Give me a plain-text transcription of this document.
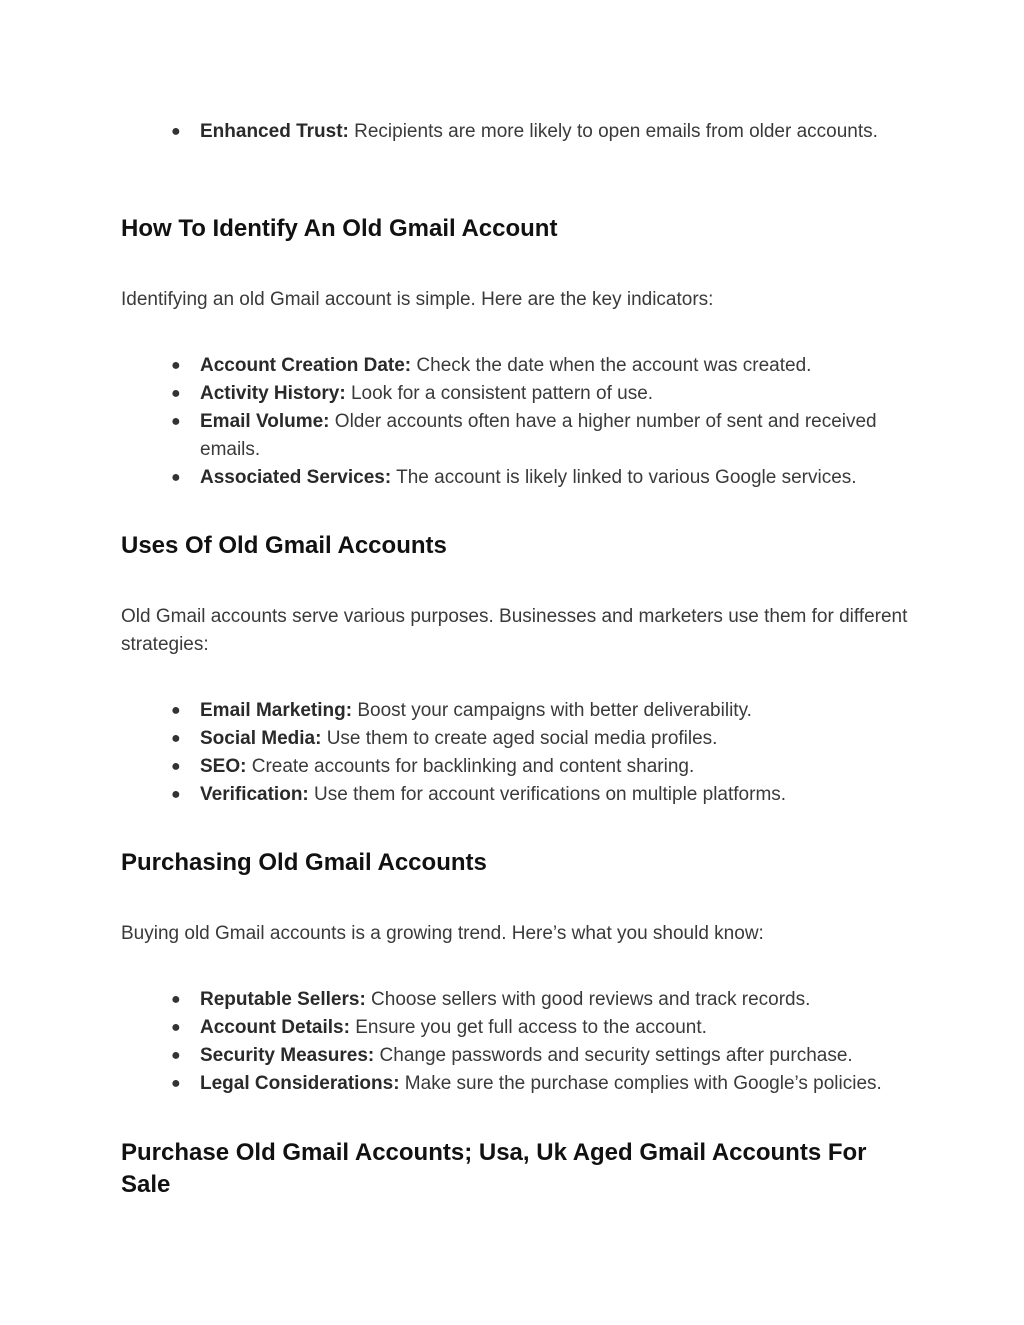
● Enhanced Trust: Recipients are more likely to open emails from older accounts.
How To Identify An Old Gmail Account

Identifying an old Gmail account is simple. Here are the key indicators:

● Account Creation Date: Check the date when the account was created.
● Activity History: Look for a consistent pattern of use.
● Email Volume: Older accounts often have a higher number of sent and received emails.
● Associated Services: The account is likely linked to various Google services.
Uses Of Old Gmail Accounts

Old Gmail accounts serve various purposes. Businesses and marketers use them for different strategies:

● Email Marketing: Boost your campaigns with better deliverability.
● Social Media: Use them to create aged social media profiles.
● SEO: Create accounts for backlinking and content sharing.
● Verification: Use them for account verifications on multiple platforms.
Purchasing Old Gmail Accounts

Buying old Gmail accounts is a growing trend. Here’s what you should know:

● Reputable Sellers: Choose sellers with good reviews and track records.
● Account Details: Ensure you get full access to the account.
● Security Measures: Change passwords and security settings after purchase.
● Legal Considerations: Make sure the purchase complies with Google’s policies.
Purchase Old Gmail Accounts; Usa, Uk Aged Gmail Accounts For Sale
